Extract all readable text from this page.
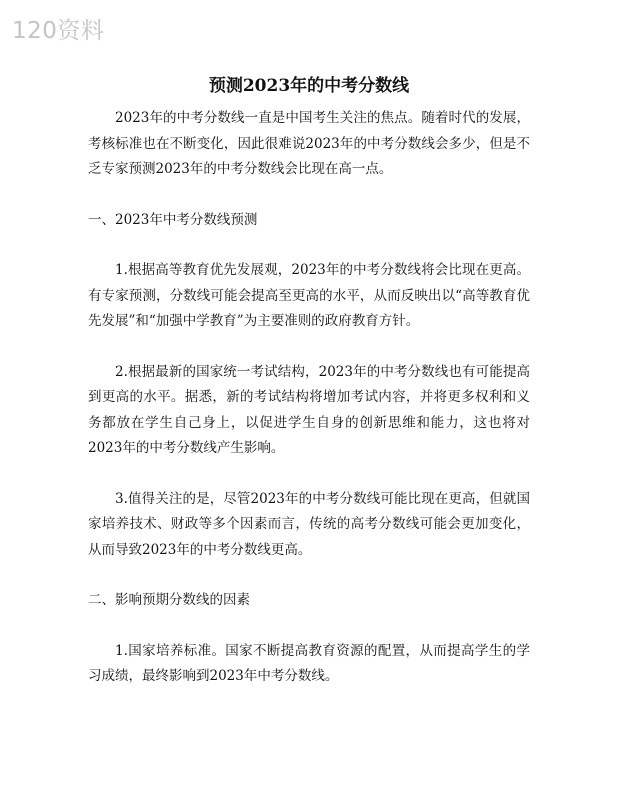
120资料
预测2023年的中考分数线

2023年的中考分数线一直是中国考生关注的焦点。随着时代的发展，考核标准也在不断变化，因此很难说2023年的中考分数线会多少，但是不乏专家预测2023年的中考分数线会比现在高一点。

一、2023年中考分数线预测

1.根据高等教育优先发展观，2023年的中考分数线将会比现在更高。有专家预测，分数线可能会提高至更高的水平，从而反映出以“高等教育优先发展”和“加强中学教育”为主要准则的政府教育方针。

2.根据最新的国家统一考试结构，2023年的中考分数线也有可能提高到更高的水平。据悉，新的考试结构将增加考试内容，并将更多权利和义务都放在学生自己身上，以促进学生自身的创新思维和能力，这也将对2023年的中考分数线产生影响。

3.值得关注的是，尽管2023年的中考分数线可能比现在更高，但就国家培养技术、财政等多个因素而言，传统的高考分数线可能会更加变化，从而导致2023年的中考分数线更高。

二、影响预期分数线的因素

1.国家培养标准。国家不断提高教育资源的配置，从而提高学生的学习成绩，最终影响到2023年中考分数线。
